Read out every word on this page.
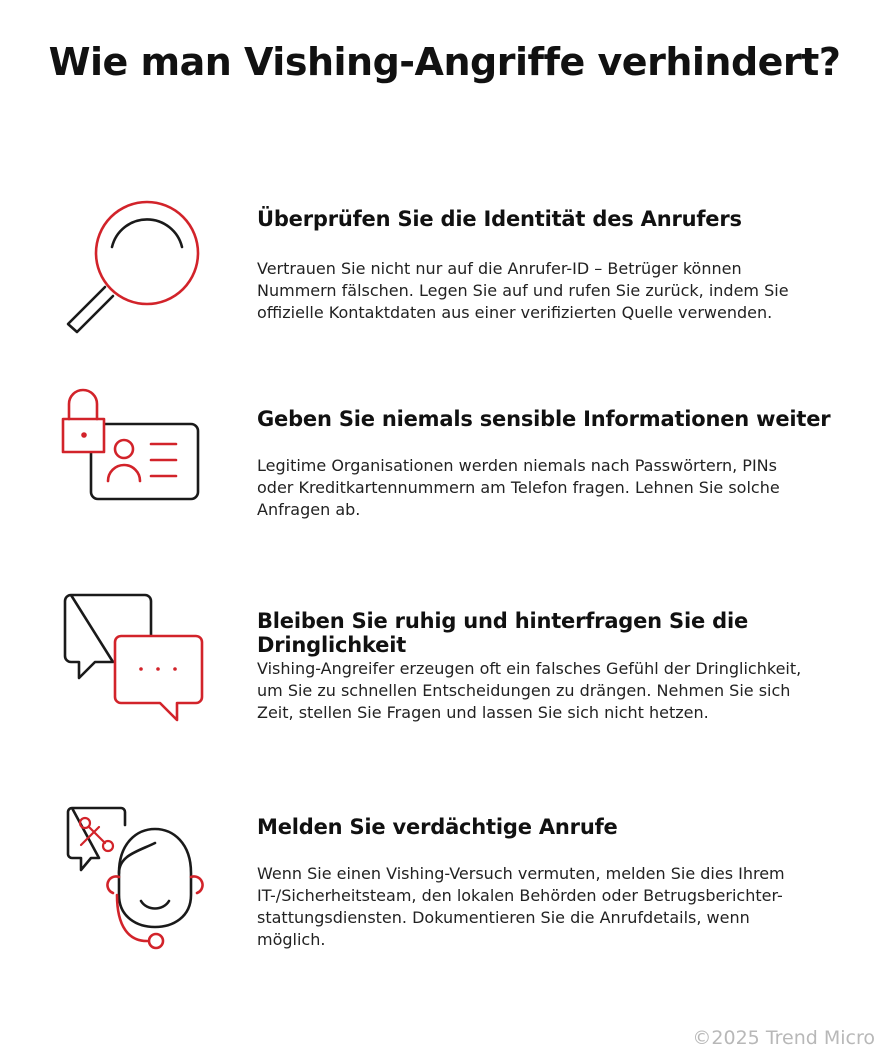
Wie man Vishing-Angriffe verhindert?
Überprüfen Sie die Identität des Anrufers

Vertrauen Sie nicht nur auf die Anrufer-ID – Betrüger können Nummern fälschen. Legen Sie auf und rufen Sie zurück, indem Sie offizielle Kontaktdaten aus einer verifizierten Quelle verwenden.

Geben Sie niemals sensible Informationen weiter

Legitime Organisationen werden niemals nach Passwörtern, PINs oder Kreditkartennummern am Telefon fragen. Lehnen Sie solche Anfragen ab.

Bleiben Sie ruhig und hinterfragen Sie die Dringlichkeit

Vishing-Angreifer erzeugen oft ein falsches Gefühl der Dringlichkeit, um Sie zu schnellen Entscheidungen zu drängen. Nehmen Sie sich Zeit, stellen Sie Fragen und lassen Sie sich nicht hetzen.

Melden Sie verdächtige Anrufe

Wenn Sie einen Vishing-Versuch vermuten, melden Sie dies Ihrem IT-/Sicherheitsteam, den lokalen Behörden oder Betrugsberichter-stattungsdiensten. Dokumentieren Sie die Anrufdetails, wenn möglich.

©2025 Trend Micro
